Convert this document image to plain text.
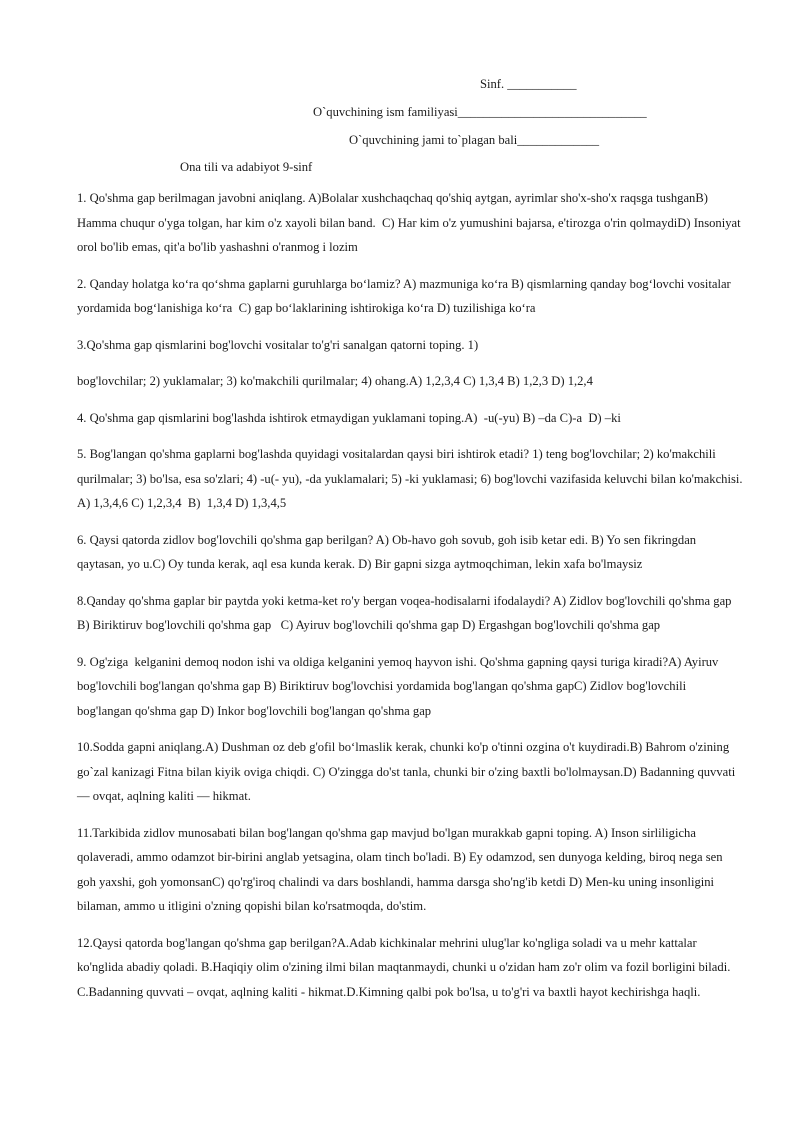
Sinf. ___________
O`quvchining ism familiyasi______________________________
O`quvchining jami to`plagan bali_____________
Ona tili va adabiyot 9-sinf

1. Qo'shma gap berilmagan javobni aniqlang. A)Bolalar xushchaqchaq qo'shiq aytgan, ayrimlar sho'x-sho'x raqsga tushganB) Hamma chuqur o'yga tolgan, har kim o'z xayoli bilan band.  C) Har kim o'z yumushini bajarsa, e'tirozga o'rin qolmaydiD) Insoniyat orol bo'lib emas, qit'a bo'lib yashashni o'ranmog i lozim

2. Qanday holatga ko‘ra qo‘shma gaplarni guruhlarga bo‘lamiz? A) mazmuniga ko‘ra B) qismlarning qanday bog‘lovchi vositalar yordamida bog‘lanishiga ko‘ra  C) gap bo‘laklarining ishtirokiga ko‘ra D) tuzilishiga ko‘ra

3.Qo'shma gap qismlarini bog'lovchi vositalar to'g'ri sanalgan qatorni toping. 1)

bog'lovchilar; 2) yuklamalar; 3) ko'makchili qurilmalar; 4) ohang.A) 1,2,3,4 C) 1,3,4 B) 1,2,3 D) 1,2,4

4. Qo'shma gap qismlarini bog'lashda ishtirok etmaydigan yuklamani toping.A)  -u(-yu) B) –da C)-a  D) –ki

5. Bog'langan qo'shma gaplarni bog'lashda quyidagi vositalardan qaysi biri ishtirok etadi? 1) teng bog'lovchilar; 2) ko'makchili qurilmalar; 3) bo'lsa, esa so'zlari; 4) -u(- yu), -da yuklamalari; 5) -ki yuklamasi; 6) bog'lovchi vazifasida keluvchi bilan ko'makchisi. A) 1,3,4,6 C) 1,2,3,4  B)  1,3,4 D) 1,3,4,5

6. Qaysi qatorda zidlov bog'lovchili qo'shma gap berilgan? A) Ob-havo goh sovub, goh isib ketar edi. B) Yo sen fikringdan qaytasan, yo u.C) Oy tunda kerak, aql esa kunda kerak. D) Bir gapni sizga aytmoqchiman, lekin xafa bo'lmaysiz

8.Qanday qo'shma gaplar bir paytda yoki ketma-ket ro'y bergan voqea-hodisalarni ifodalaydi? A) Zidlov bog'lovchili qo'shma gap B) Biriktiruv bog'lovchili qo'shma gap   C) Ayiruv bog'lovchili qo'shma gap D) Ergashgan bog'lovchili qo'shma gap

9. Og'ziga  kelganini demoq nodon ishi va oldiga kelganini yemoq hayvon ishi. Qo'shma gapning qaysi turiga kiradi?A) Ayiruv bog'lovchili bog'langan qo'shma gap B) Biriktiruv bog'lovchisi yordamida bog'langan qo'shma gapC) Zidlov bog'lovchili bog'langan qo'shma gap D) Inkor bog'lovchili bog'langan qo'shma gap

10.Sodda gapni aniqlang.A) Dushman oz deb g'ofil bo‘lmaslik kerak, chunki ko'p o'tinni ozgina o't kuydiradi.B) Bahrom o'zining go`zal kanizagi Fitna bilan kiyik oviga chiqdi. C) O'zingga do'st tanla, chunki bir o'zing baxtli bo'lolmaysan.D) Badanning quvvati — ovqat, aqlning kaliti — hikmat.

11.Tarkibida zidlov munosabati bilan bog'langan qo'shma gap mavjud bo'lgan murakkab gapni toping. A) Inson sirliligicha qolaveradi, ammo odamzot bir-birini anglab yetsagina, olam tinch bo'ladi. B) Ey odamzod, sen dunyoga kelding, biroq nega sen goh yaxshi, goh yomonsanC) qo'rg'iroq chalindi va dars boshlandi, hamma darsga sho'ng'ib ketdi D) Men-ku uning insonligini bilaman, ammo u itligini o'zning qopishi bilan ko'rsatmoqda, do'stim.

12.Qaysi qatorda bog'langan qo'shma gap berilgan?A.Adab kichkinalar mehrini ulug'lar ko'ngliga soladi va u mehr kattalar ko'nglida abadiy qoladi. B.Haqiqiy olim o'zining ilmi bilan maqtanmaydi, chunki u o'zidan ham zo'r olim va fozil borligini biladi. C.Badanning quvvati – ovqat, aqlning kaliti - hikmat.D.Kimning qalbi pok bo'lsa, u to'g'ri va baxtli hayot kechirishga haqli.
